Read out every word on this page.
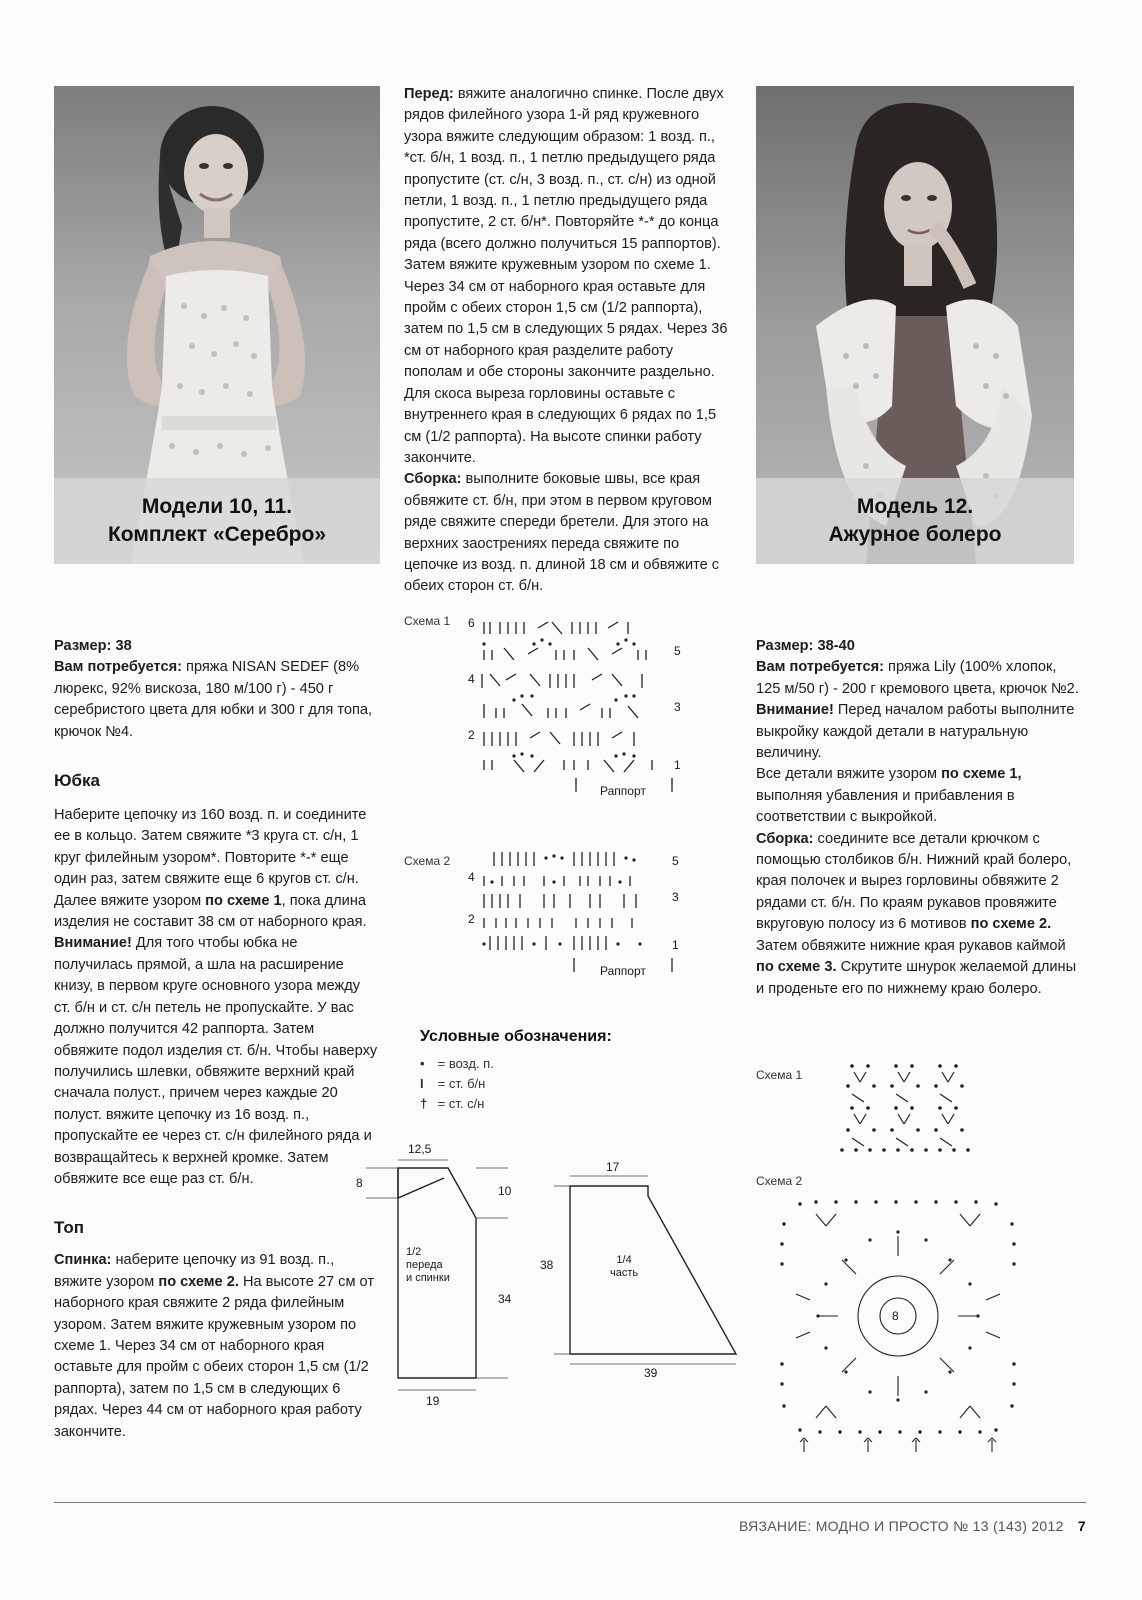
Модели 10, 11.
Комплект «Серебро»
Размер: 38
Вам потребуется: пряжа NISAN SEDEF (8% люрекс, 92% вискоза, 180 м/100 г) - 450 г серебристого цвета для юбки и 300 г для топа, крючок №4.
Юбка
Наберите цепочку из 160 возд. п. и соедините ее в кольцо. Затем свяжите *3 круга ст. с/н, 1 круг филейным узором*. Повторите *-* еще один раз, затем свяжите еще 6 кругов ст. с/н. Далее вяжите узором по схеме 1, пока длина изделия не составит 38 см от наборного края. Внимание! Для того чтобы юбка не получилась прямой, а шла на расширение книзу, в первом круге основного узора между ст. б/н и ст. с/н петель не пропускайте. У вас должно получится 42 раппорта. Затем обвяжите подол изделия ст. б/н. Чтобы наверху получились шлевки, обвяжите верхний край сначала полуст., причем через каждые 20 полуст. вяжите цепочку из 16 возд. п., пропускайте ее через ст. с/н филейного ряда и возвращайтесь к верхней кромке. Затем обвяжите все еще раз ст. б/н.
Топ
Спинка: наберите цепочку из 91 возд. п., вяжите узором по схеме 2. На высоте 27 см от наборного края свяжите 2 ряда филейным узором. Затем вяжите кружевным узором по схеме 1. Через 34 см от наборного края оставьте для пройм с обеих сторон 1,5 см (1/2 раппорта), затем по 1,5 см в следующих 6 рядах. Через 44 см от наборного края работу закончите.
Перед: вяжите аналогично спинке. После двух рядов филейного узора 1-й ряд кружевного узора вяжите следующим образом: 1 возд. п., *ст. б/н, 1 возд. п., 1 петлю предыдущего ряда пропустите (ст. с/н, 3 возд. п., ст. с/н) из одной петли, 1 возд. п., 1 петлю предыдущего ряда пропустите, 2 ст. б/н*. Повторяйте *-* до конца ряда (всего должно получиться 15 раппортов). Затем вяжите кружевным узором по схеме 1. Через 34 см от наборного края оставьте для пройм с обеих сторон 1,5 см (1/2 раппорта), затем по 1,5 см в следующих 5 рядах. Через 36 см от наборного края разделите работу пополам и обе стороны закончите раздельно. Для скоса выреза горловины оставьте с внутреннего края в следующих 6 рядах по 1,5 см (1/2 раппорта). На высоте спинки работу закончите.
Сборка: выполните боковые швы, все края обвяжите ст. б/н, при этом в первом круговом ряде свяжите спереди бретели. Для этого на верхних заострениях переда свяжите по цепочке из возд. п. длиной 18 см и обвяжите с обеих сторон ст. б/н.
Схема 1 6
5
4
3
2
1
Раппорт
Схема 2	5
4
3
2
1
Раппорт
Условные обозначения:
• = возд. п.
I = ст. б/н
† = ст. с/н
12,5
8
10
34
19
1/2
переда
и спинки
17
38
39
1/4
часть
Модель 12.
Ажурное болеро
Размер: 38-40
Вам потребуется: пряжа Lily (100% хлопок, 125 м/50 г) - 200 г кремового цвета, крючок №2.
Внимание! Перед началом работы выполните выкройку каждой детали в натуральную величину.
Все детали вяжите узором по схеме 1, выполняя убавления и прибавления в соответствии с выкройкой.
Сборка: соедините все детали крючком с помощью столбиков б/н. Нижний край болеро, края полочек и вырез горловины обвяжите 2 рядами ст. б/н. По краям рукавов провяжите вкруговую полосу из 6 мотивов по схеме 2. Затем обвяжите нижние края рукавов каймой по схеме 3. Скрутите шнурок желаемой длины и проденьте его по нижнему краю болеро.
Схема 1
Схема 2
8
ВЯЗАНИЕ: МОДНО И ПРОСТО № 13 (143) 2012 7
